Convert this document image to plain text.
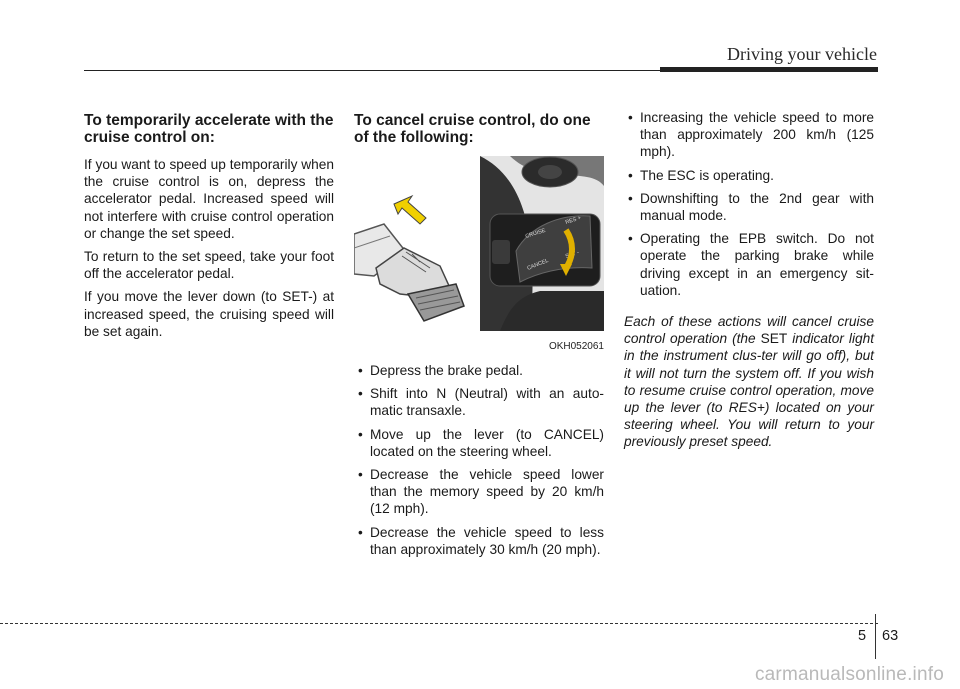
Driving your vehicle
To temporarily accelerate with the cruise control on:

If you want to speed up temporarily when the cruise control is on, depress the accelerator pedal. Increased speed will not interfere with cruise control operation or change the set speed.

To return to the set speed, take your foot off the accelerator pedal.

If you move the lever down (to SET-) at increased speed, the cruising speed will be set again.

To cancel cruise control, do one of the following:
CRUISE
RES +
CANCEL
SET -
OKH052061
• Depress the brake pedal.
• Shift into N (Neutral) with an auto-matic transaxle.
• Move up the lever (to CANCEL) located on the steering wheel.
• Decrease the vehicle speed lower than the memory speed by 20 km/h (12 mph).
• Decrease the vehicle speed to less than approximately 30 km/h (20 mph).
• Increasing the vehicle speed to more than approximately 200 km/h (125 mph).
• The ESC is operating.
• Downshifting to the 2nd gear with manual mode.
• Operating the EPB switch. Do not operate the parking brake while driving except in an emergency sit-uation.

Each of these actions will cancel cruise control operation (the SET indicator light in the instrument clus-ter will go off), but it will not turn the system off. If you wish to resume cruise control operation, move up the lever (to RES+) located on your steering wheel. You will return to your previously preset speed.

5 63
carmanualsonline.info
